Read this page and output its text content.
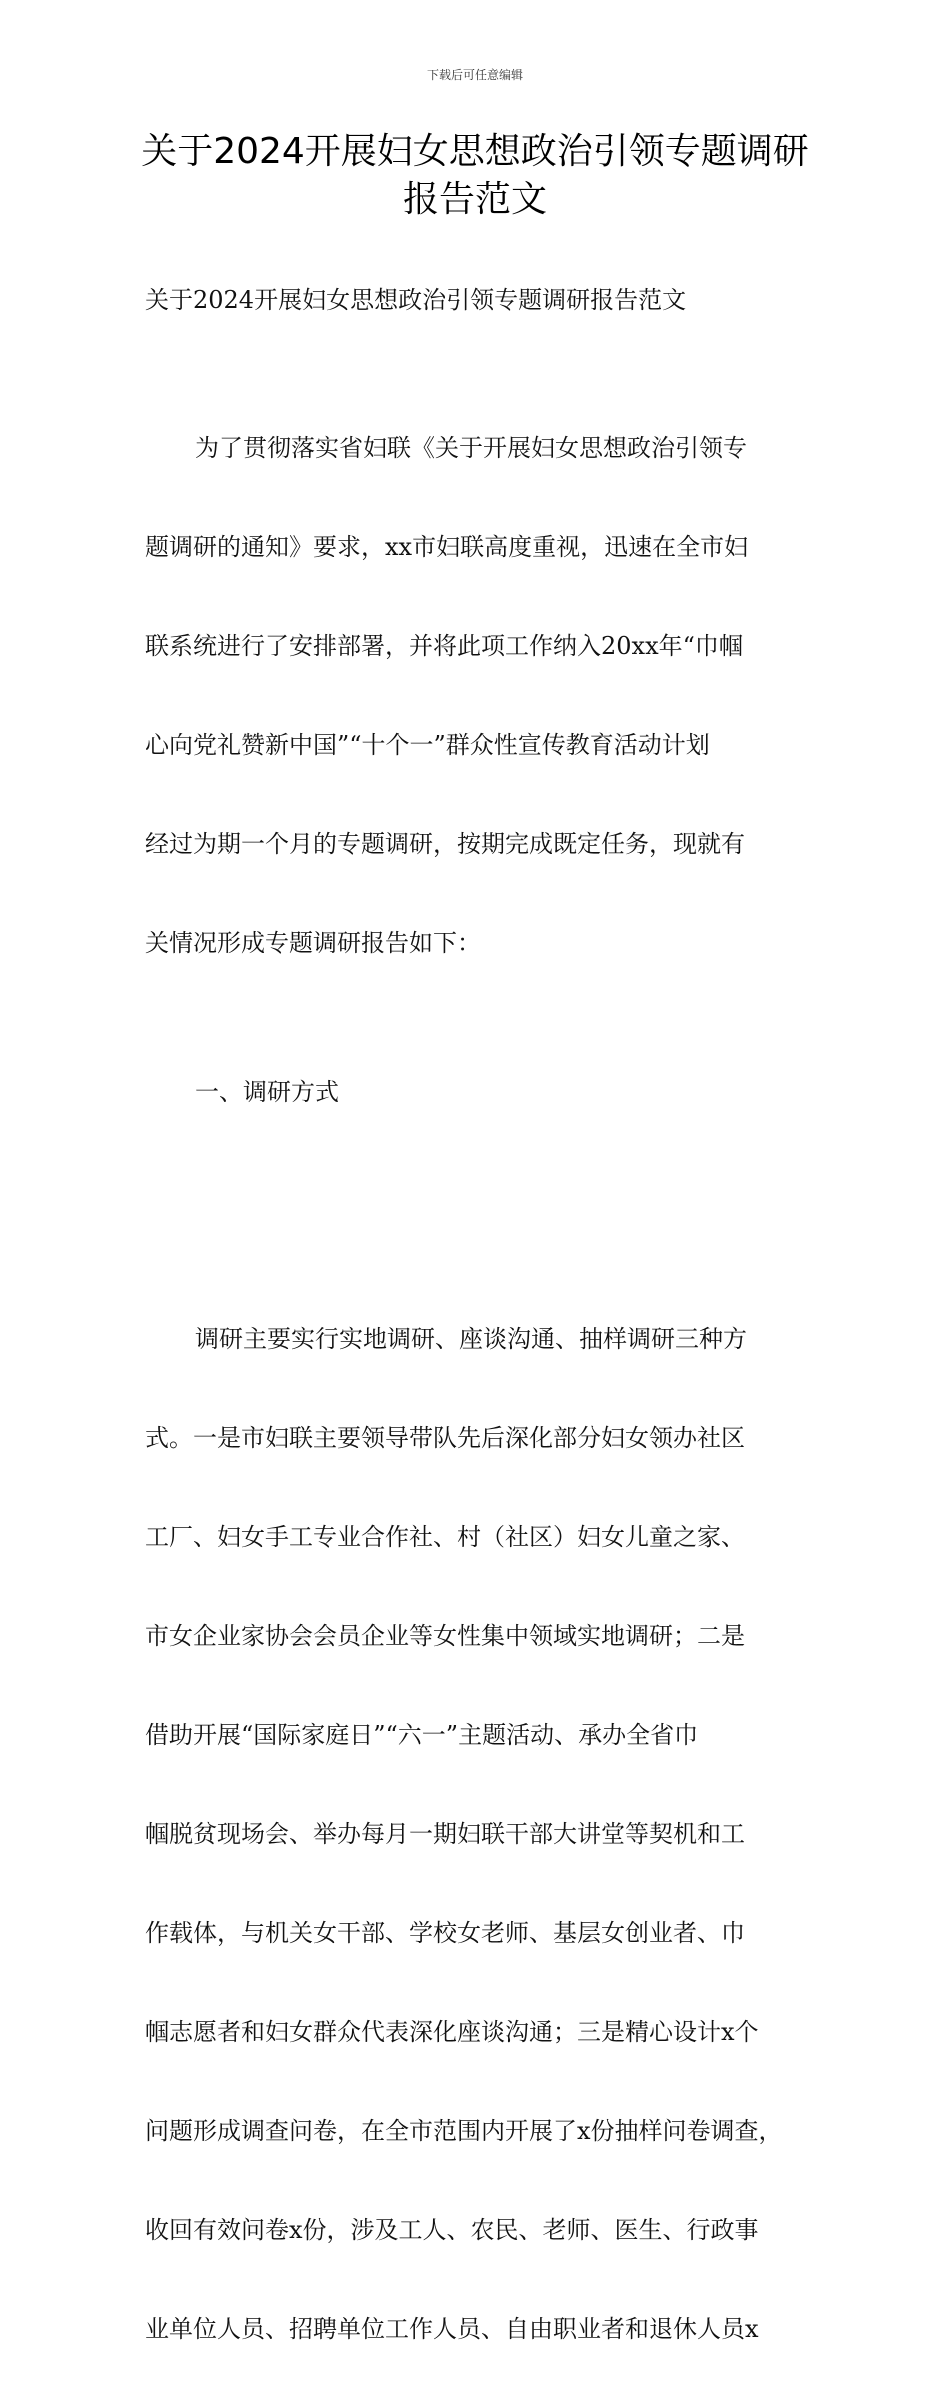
下载后可任意编辑
关于2024开展妇女思想政治引领专题调研
报告范文

关于2024开展妇女思想政治引领专题调研报告范文

为了贯彻落实省妇联《关于开展妇女思想政治引领专

题调研的通知》要求，xx市妇联高度重视，迅速在全市妇

联系统进行了安排部署，并将此项工作纳入20xx年“巾帼

心向党礼赞新中国”“十个一”群众性宣传教育活动计划

经过为期一个月的专题调研，按期完成既定任务，现就有

关情况形成专题调研报告如下：

一、调研方式

调研主要实行实地调研、座谈沟通、抽样调研三种方

式。一是市妇联主要领导带队先后深化部分妇女领办社区

工厂、妇女手工专业合作社、村（社区）妇女儿童之家、

市女企业家协会会员企业等女性集中领域实地调研；二是

借助开展“国际家庭日”“六一”主题活动、承办全省巾

帼脱贫现场会、举办每月一期妇联干部大讲堂等契机和工

作载体，与机关女干部、学校女老师、基层女创业者、巾

帼志愿者和妇女群众代表深化座谈沟通；三是精心设计x个

问题形成调查问卷，在全市范围内开展了x份抽样问卷调查，

收回有效问卷x份，涉及工人、农民、老师、医生、行政事

业单位人员、招聘单位工作人员、自由职业者和退休人员x
